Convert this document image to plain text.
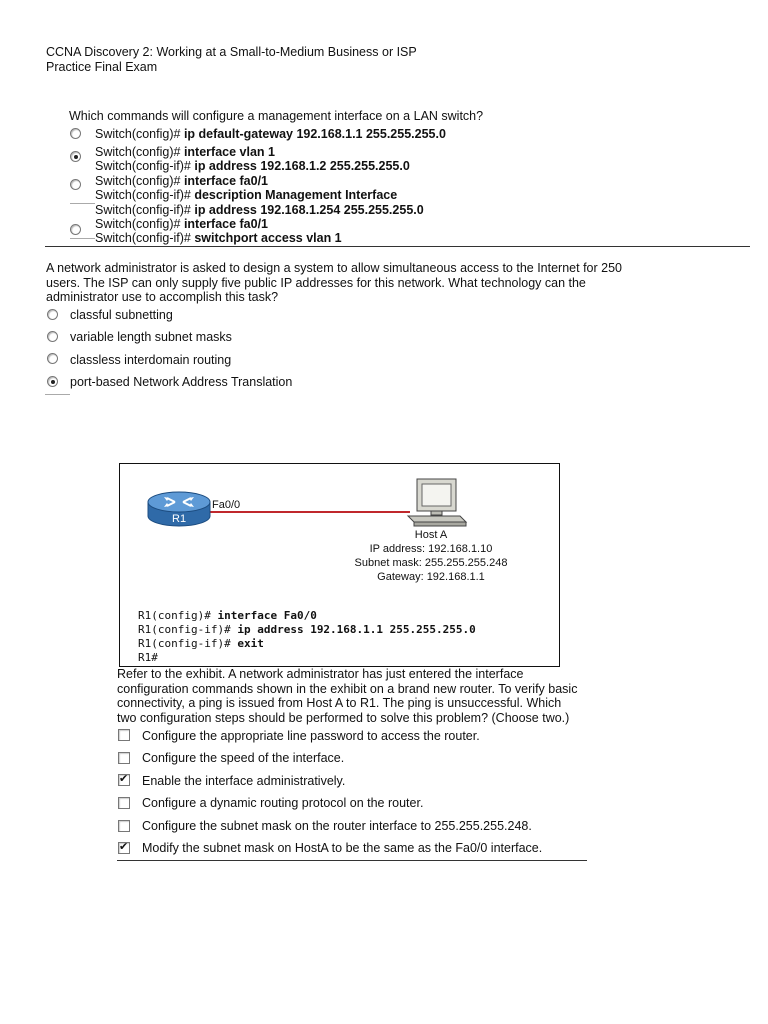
CCNA Discovery 2: Working at a Small-to-Medium Business or ISP
Practice Final Exam
Which commands will configure a management interface on a LAN switch?
Switch(config)# ip default-gateway 192.168.1.1 255.255.255.0
Switch(config)# interface vlan 1
Switch(config-if)# ip address 192.168.1.2 255.255.255.0
Switch(config)# interface fa0/1
Switch(config-if)# description Management Interface
Switch(config-if)# ip address 192.168.1.254 255.255.255.0
Switch(config)# interface fa0/1
Switch(config-if)# switchport access vlan 1
A network administrator is asked to design a system to allow simultaneous access to the Internet for 250
users. The ISP can only supply five public IP addresses for this network. What technology can the
administrator use to accomplish this task?
classful subnetting
variable length subnet masks
classless interdomain routing
port-based Network Address Translation
R1
Fa0/0
Host A
IP address: 192.168.1.10
Subnet mask: 255.255.255.248
Gateway: 192.168.1.1
R1(config)# interface Fa0/0
R1(config-if)# ip address 192.168.1.1 255.255.255.0
R1(config-if)# exit
R1#
Refer to the exhibit. A network administrator has just entered the interface
configuration commands shown in the exhibit on a brand new router. To verify basic
connectivity, a ping is issued from Host A to R1. The ping is unsuccessful. Which
two configuration steps should be performed to solve this problem? (Choose two.)
Configure the appropriate line password to access the router.
Configure the speed of the interface.
✔
Enable the interface administratively.
Configure a dynamic routing protocol on the router.
Configure the subnet mask on the router interface to 255.255.255.248.
✔
Modify the subnet mask on HostA to be the same as the Fa0/0 interface.
